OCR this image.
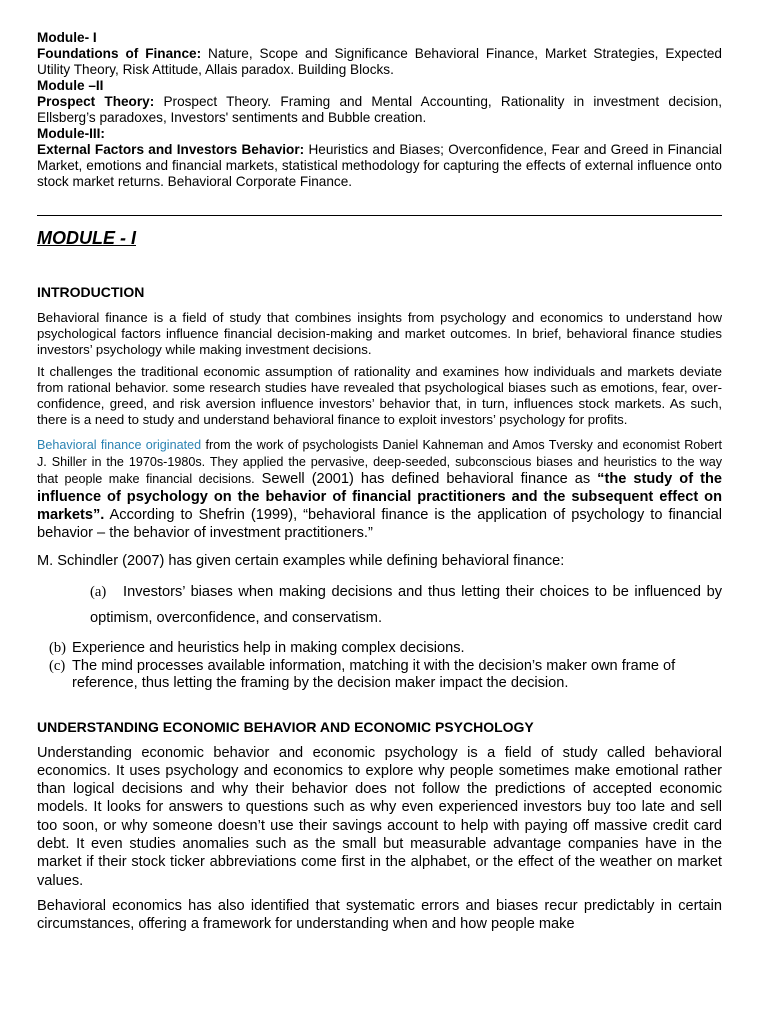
Module- I
Foundations of Finance: Nature, Scope and Significance Behavioral Finance, Market Strategies, Expected Utility Theory, Risk Attitude, Allais paradox. Building Blocks.
Module –II
Prospect Theory: Prospect Theory. Framing and Mental Accounting, Rationality in investment decision, Ellsberg’s paradoxes, Investors' sentiments and Bubble creation.
Module-III:
External Factors and Investors Behavior: Heuristics and Biases; Overconfidence, Fear and Greed in Financial Market, emotions and financial markets, statistical methodology for capturing the effects of external influence onto stock market returns. Behavioral Corporate Finance.
MODULE - I
INTRODUCTION

Behavioral finance is a field of study that combines insights from psychology and economics to understand how psychological factors influence financial decision-making and market outcomes. In brief, behavioral finance studies investors’ psychology while making investment decisions.

It challenges the traditional economic assumption of rationality and examines how individuals and markets deviate from rational behavior. some research studies have revealed that psychological biases such as emotions, fear, over-confidence, greed, and risk aversion influence investors’ behavior that, in turn, influences stock markets. As such, there is a need to study and understand behavioral finance to exploit investors’ psychology for profits.

Behavioral finance originated from the work of psychologists Daniel Kahneman and Amos Tversky and economist Robert J. Shiller in the 1970s-1980s. They applied the pervasive, deep-seeded, subconscious biases and heuristics to the way that people make financial decisions. Sewell (2001) has defined behavioral finance as “the study of the influence of psychology on the behavior of financial practitioners and the subsequent effect on markets”. According to Shefrin (1999), “behavioral finance is the application of psychology to financial behavior – the behavior of investment practitioners.”

M. Schindler (2007) has given certain examples while defining behavioral finance:

(a) Investors’ biases when making decisions and thus letting their choices to be influenced by optimism, overconfidence, and conservatism.
(b) Experience and heuristics help in making complex decisions.
(c) The mind processes available information, matching it with the decision’s maker own frame of reference, thus letting the framing by the decision maker impact the decision.
UNDERSTANDING ECONOMIC BEHAVIOR AND ECONOMIC PSYCHOLOGY

Understanding economic behavior and economic psychology is a field of study called behavioral economics. It uses psychology and economics to explore why people sometimes make emotional rather than logical decisions and why their behavior does not follow the predictions of accepted economic models. It looks for answers to questions such as why even experienced investors buy too late and sell too soon, or why someone doesn’t use their savings account to help with paying off massive credit card debt. It even studies anomalies such as the small but measurable advantage companies have in the market if their stock ticker abbreviations come first in the alphabet, or the effect of the weather on market values.

Behavioral economics has also identified that systematic errors and biases recur predictably in certain circumstances, offering a framework for understanding when and how people make
